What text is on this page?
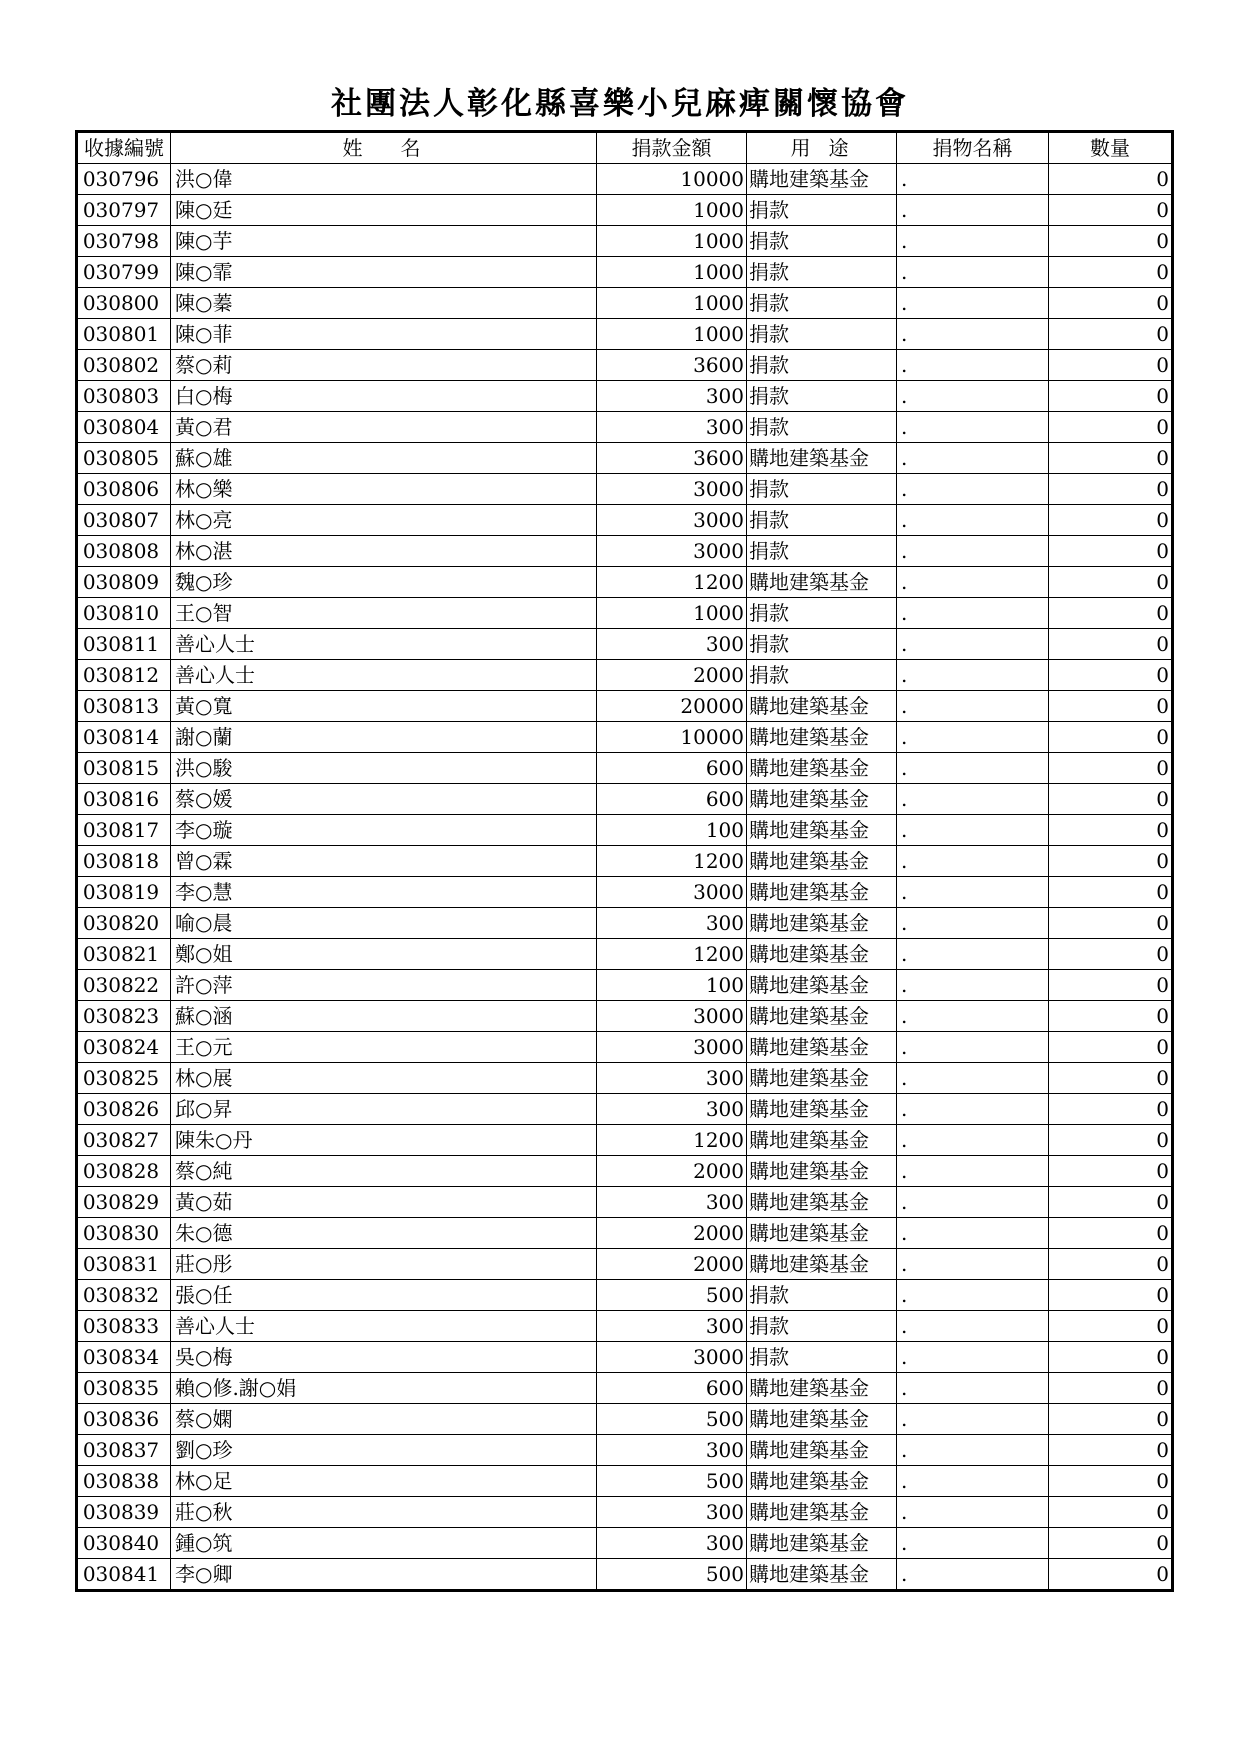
社團法人彰化縣喜樂小兒麻痺關懷協會
收據編號	姓名	捐款金額	用途	捐物名稱	數量
030796	洪○偉	10000	購地建築基金	.	0
030797	陳○廷	1000	捐款	.	0
030798	陳○芋	1000	捐款	.	0
030799	陳○霏	1000	捐款	.	0
030800	陳○蓁	1000	捐款	.	0
030801	陳○菲	1000	捐款	.	0
030802	蔡○莉	3600	捐款	.	0
030803	白○梅	300	捐款	.	0
030804	黃○君	300	捐款	.	0
030805	蘇○雄	3600	購地建築基金	.	0
030806	林○樂	3000	捐款	.	0
030807	林○亮	3000	捐款	.	0
030808	林○湛	3000	捐款	.	0
030809	魏○珍	1200	購地建築基金	.	0
030810	王○智	1000	捐款	.	0
030811	善心人士	300	捐款	.	0
030812	善心人士	2000	捐款	.	0
030813	黃○寬	20000	購地建築基金	.	0
030814	謝○蘭	10000	購地建築基金	.	0
030815	洪○駿	600	購地建築基金	.	0
030816	蔡○媛	600	購地建築基金	.	0
030817	李○璇	100	購地建築基金	.	0
030818	曾○霖	1200	購地建築基金	.	0
030819	李○慧	3000	購地建築基金	.	0
030820	喻○晨	300	購地建築基金	.	0
030821	鄭○姐	1200	購地建築基金	.	0
030822	許○萍	100	購地建築基金	.	0
030823	蘇○涵	3000	購地建築基金	.	0
030824	王○元	3000	購地建築基金	.	0
030825	林○展	300	購地建築基金	.	0
030826	邱○昇	300	購地建築基金	.	0
030827	陳朱○丹	1200	購地建築基金	.	0
030828	蔡○純	2000	購地建築基金	.	0
030829	黃○茹	300	購地建築基金	.	0
030830	朱○德	2000	購地建築基金	.	0
030831	莊○彤	2000	購地建築基金	.	0
030832	張○任	500	捐款	.	0
030833	善心人士	300	捐款	.	0
030834	吳○梅	3000	捐款	.	0
030835	賴○修.謝○娟	600	購地建築基金	.	0
030836	蔡○嫻	500	購地建築基金	.	0
030837	劉○珍	300	購地建築基金	.	0
030838	林○足	500	購地建築基金	.	0
030839	莊○秋	300	購地建築基金	.	0
030840	鍾○筑	300	購地建築基金	.	0
030841	李○卿	500	購地建築基金	.	0
